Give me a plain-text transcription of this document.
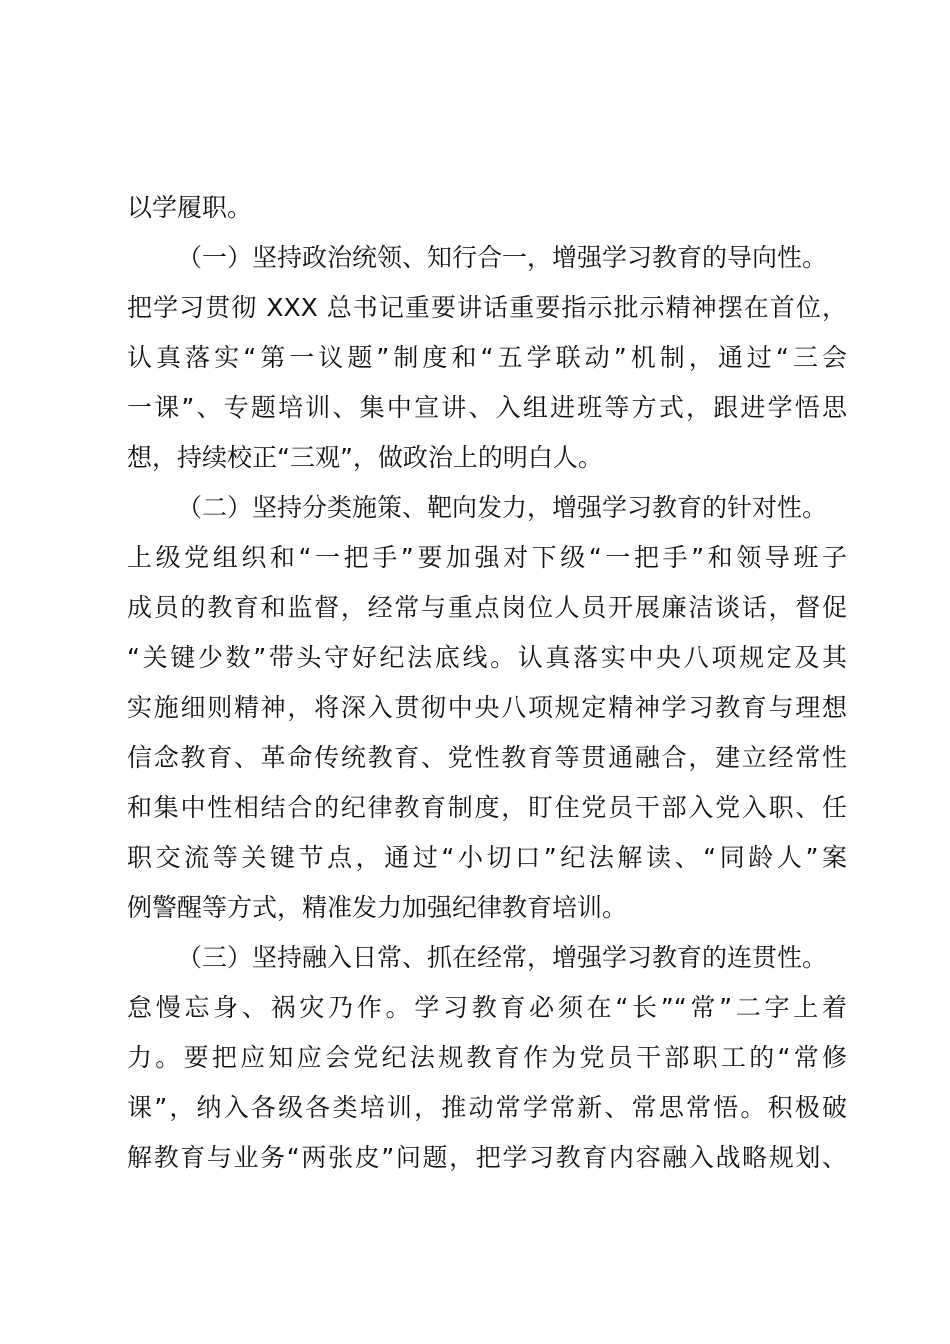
以学履职。
（一）坚持政治统领、知行合一，增强学习教育的导向性。
把学习贯彻 XXX 总书记重要讲话重要指示批示精神摆在首位，
认真落实“第一议题”制度和“五学联动”机制，通过“三会
一课”、专题培训、集中宣讲、入组进班等方式，跟进学悟思
想，持续校正“三观”，做政治上的明白人。
（二）坚持分类施策、靶向发力，增强学习教育的针对性。
上级党组织和“一把手”要加强对下级“一把手”和领导班子
成员的教育和监督，经常与重点岗位人员开展廉洁谈话，督促
“关键少数”带头守好纪法底线。认真落实中央八项规定及其
实施细则精神，将深入贯彻中央八项规定精神学习教育与理想
信念教育、革命传统教育、党性教育等贯通融合，建立经常性
和集中性相结合的纪律教育制度，盯住党员干部入党入职、任
职交流等关键节点，通过“小切口”纪法解读、“同龄人”案
例警醒等方式，精准发力加强纪律教育培训。
（三）坚持融入日常、抓在经常，增强学习教育的连贯性。
怠慢忘身、祸灾乃作。学习教育必须在“长”“常”二字上着
力。要把应知应会党纪法规教育作为党员干部职工的“常修
课”，纳入各级各类培训，推动常学常新、常思常悟。积极破
解教育与业务“两张皮”问题，把学习教育内容融入战略规划、
